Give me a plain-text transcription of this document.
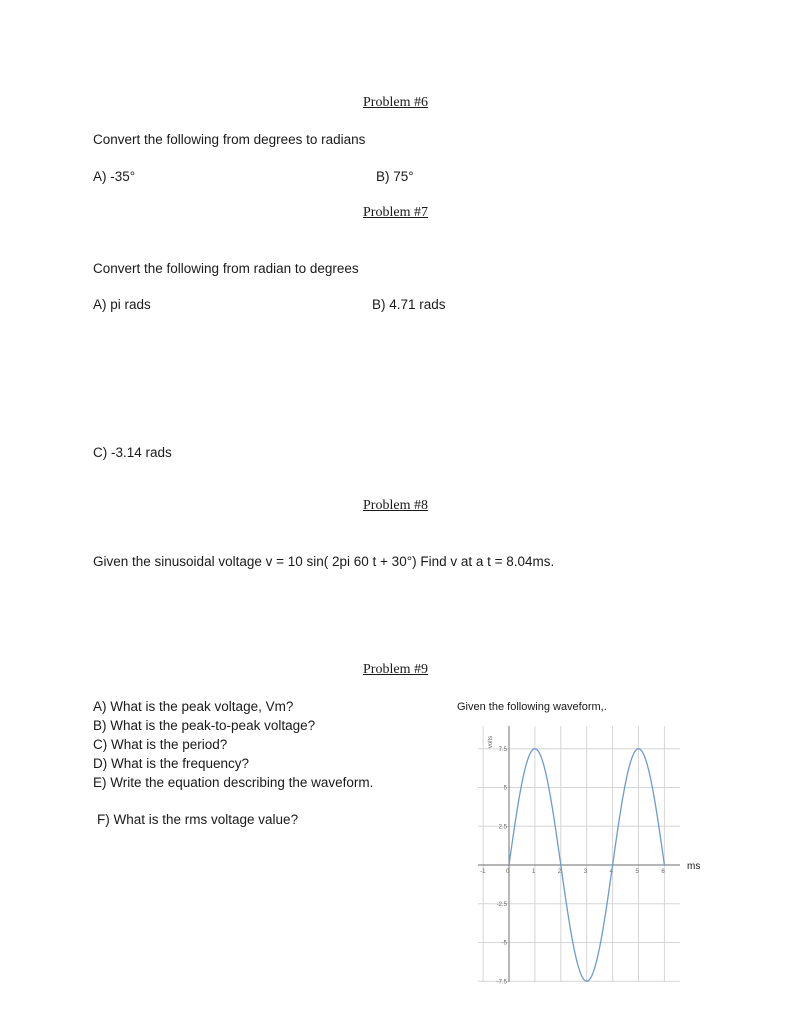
Problem #6
Convert the following from degrees to radians
A) -35°	B) 75°
Problem #7
Convert the following from radian to degrees
A) pi rads	B) 4.71 rads
C) -3.14 rads
Problem #8
Given the sinusoidal voltage v = 10 sin( 2pi 60 t + 30°) Find v at a t = 8.04ms.
Problem #9
A) What is the peak voltage, Vm?
B) What is the peak-to-peak voltage?
C) What is the period?
D) What is the frequency?
E) Write the equation describing the waveform.
F) What is the rms voltage value?
Given the following waveform,.
-1	0	1	2	3	4	5	6
7.5
5
2.5
-2.5
-5
-7.5
volts
ms
